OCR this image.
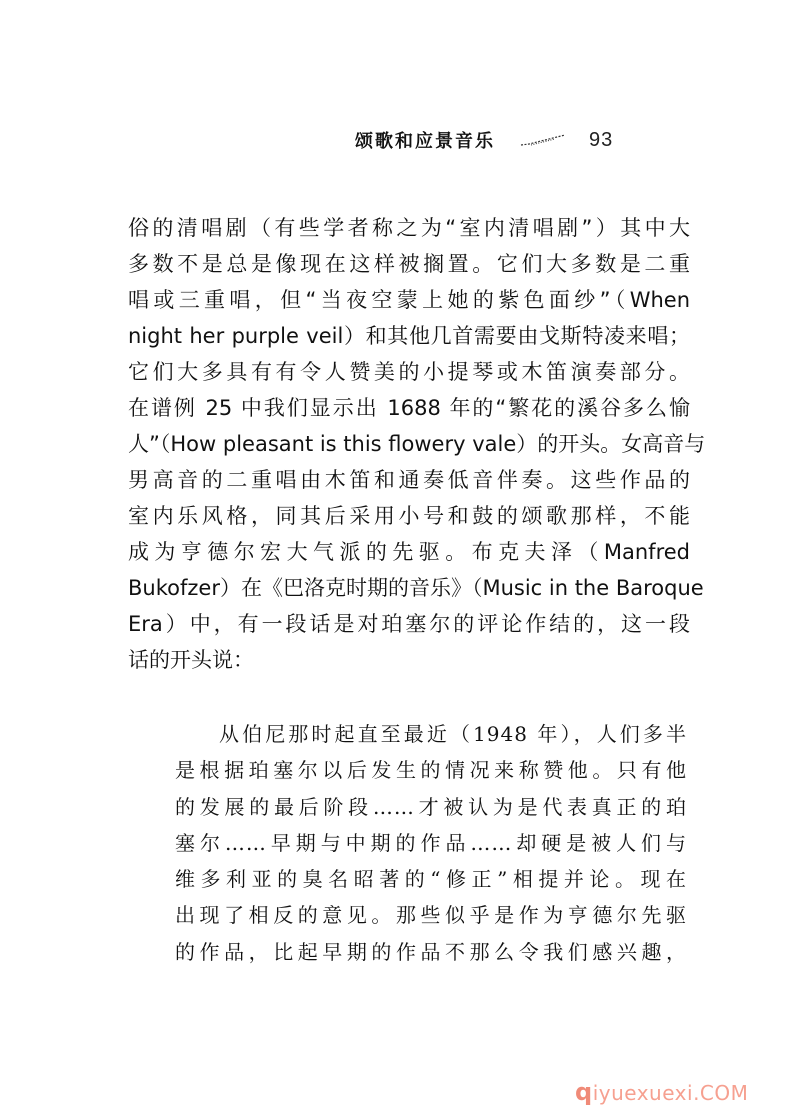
颂歌和应景音乐	93
俗的清唱剧（有些学者称之为“室内清唱剧”）其中大
多数不是总是像现在这样被搁置。它们大多数是二重
唱或三重唱，但“当夜空蒙上她的紫色面纱”（When
night her purple veil）和其他几首需要由戈斯特凌来唱；
它们大多具有有令人赞美的小提琴或木笛演奏部分。
在谱例 25 中我们显示出 1688 年的“繁花的溪谷多么愉
人”（How pleasant is this flowery vale）的开头。女高音与
男高音的二重唱由木笛和通奏低音伴奏。这些作品的
室内乐风格，同其后采用小号和鼓的颂歌那样，不能
成为亨德尔宏大气派的先驱。布克夫泽（Manfred
Bukofzer）在《巴洛克时期的音乐》（Music in the Baroque
Era）中，有一段话是对珀塞尔的评论作结的，这一段
话的开头说：
从伯尼那时起直至最近（1948 年），人们多半
是根据珀塞尔以后发生的情况来称赞他。只有他
的发展的最后阶段……才被认为是代表真正的珀
塞尔……早期与中期的作品……却硬是被人们与
维多利亚的臭名昭著的“修正”相提并论。现在
出现了相反的意见。那些似乎是作为亨德尔先驱
的作品，比起早期的作品不那么令我们感兴趣，
qiyuexuexi.COM
